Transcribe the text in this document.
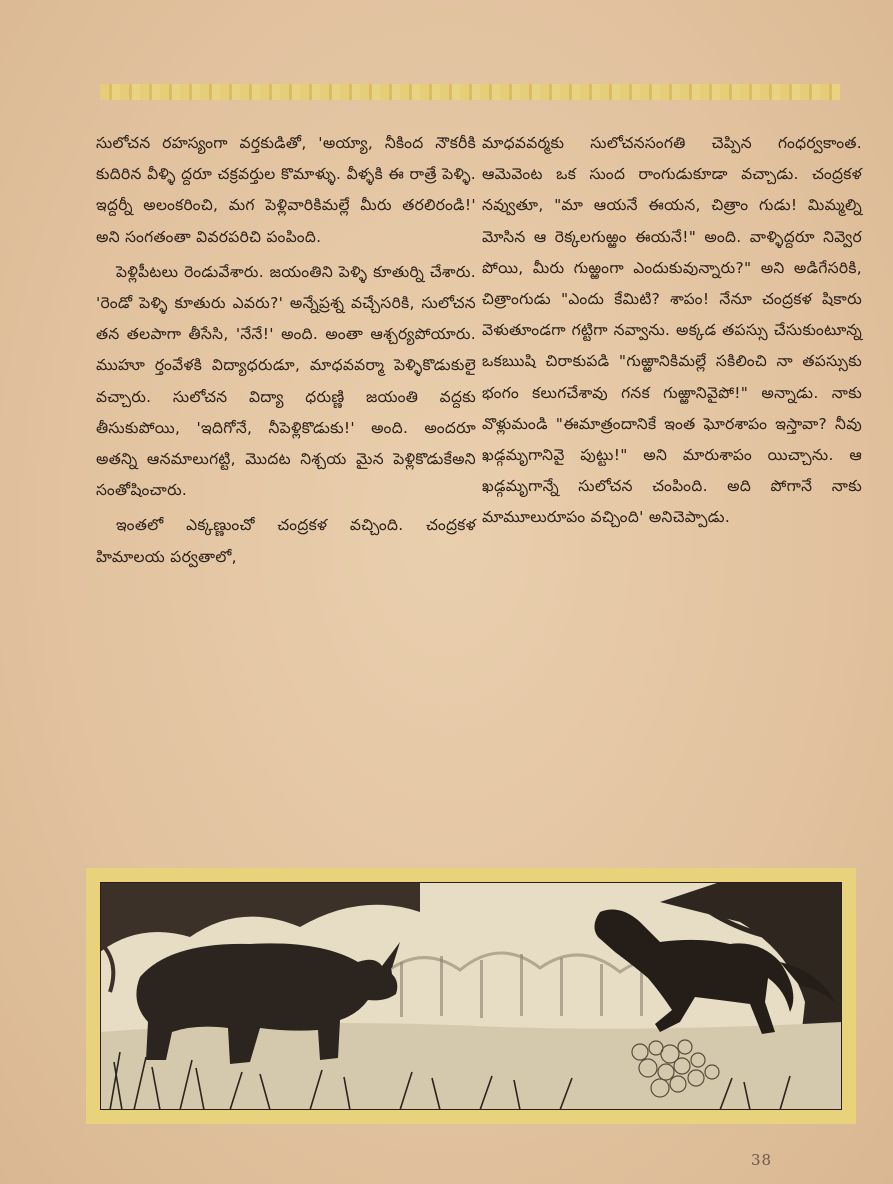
సులోచన రహస్యంగా వర్తకుడితో, 'అయ్యా, నీకింద నౌకరీకి కుదిరిన వీళ్ళి ద్దరూ చక్రవర్తుల కొమాళ్ళు. వీళ్ళకి ఈ రాత్రే పెళ్ళి. ఇద్దర్నీ అలంకరించి, మగ పెళ్లివారికిమల్లే మీరు తరలిరండి!' అని సంగతంతా వివరపరిచి పంపింది.

పెళ్లిపీటలు రెండువేశారు. జయంతిని పెళ్ళి కూతుర్ని చేశారు. 'రెండో పెళ్ళి కూతురు ఎవరు?' అన్నేప్రశ్న వచ్చేసరికి, సులోచన తన తలపాగా తీసేసి, 'నేనే!' అంది. అంతా ఆశ్చర్యపోయారు. ముహూ ర్తంవేళకి విద్యాధరుడూ, మాధవవర్మా పెళ్ళికొడుకులై వచ్చారు. సులోచన విద్యా ధరుణ్ణి జయంతి వద్దకు తీసుకుపోయి, 'ఇదిగోనే, నీపెళ్లికొడుకు!' అంది. అందరూ అతన్ని ఆనమాలుగట్టి, మొదట నిశ్చయ మైన పెళ్లికొడుకేఅని సంతోషించారు.

ఇంతలో ఎక్కణ్ణుంచో చంద్రకళ వచ్చింది. చంద్రకళ హిమాలయ పర్వతాలో,

మాధవవర్మకు సులోచనసంగతి చెప్పిన గంధర్వకాంత. ఆమెవెంట ఒక సుంద రాంగుడుకూడా వచ్చాడు. చంద్రకళ నవ్వుతూ, "మా ఆయనే ఈయన, చిత్రాం గుడు! మిమ్మల్ని మోసిన ఆ రెక్కలగుఱ్ఱం ఈయనే!" అంది. వాళ్ళిద్దరూ నివ్వెర పోయి, మీరు గుఱ్ఱంగా ఎందుకువున్నారు?" అని అడిగేసరికి, చిత్రాంగుడు "ఎందు కేమిటి? శాపం! నేనూ చంద్రకళ షికారు వెళుతూండగా గట్టిగా నవ్వాను. అక్కడ తపస్సు చేసుకుంటూన్న ఒకఋషి చిరాకుపడి "గుఱ్ఱానికిమల్లే సకిలించి నా తపస్సుకు భంగం కలుగచేశావు గనక గుఱ్ఱానివైపో!" అన్నాడు. నాకు వొళ్లుమండి "ఈమాత్రందానికే ఇంత ఘోరశాపం ఇస్తావా? నీవు ఖడ్గమృగానివై పుట్టు!" అని మారుశాపం యిచ్చాను. ఆ ఖడ్గమృగాన్నే సులోచన చంపింది. అది పోగానే నాకు మామూలురూపం వచ్చింది' అనిచెప్పాడు.

38
